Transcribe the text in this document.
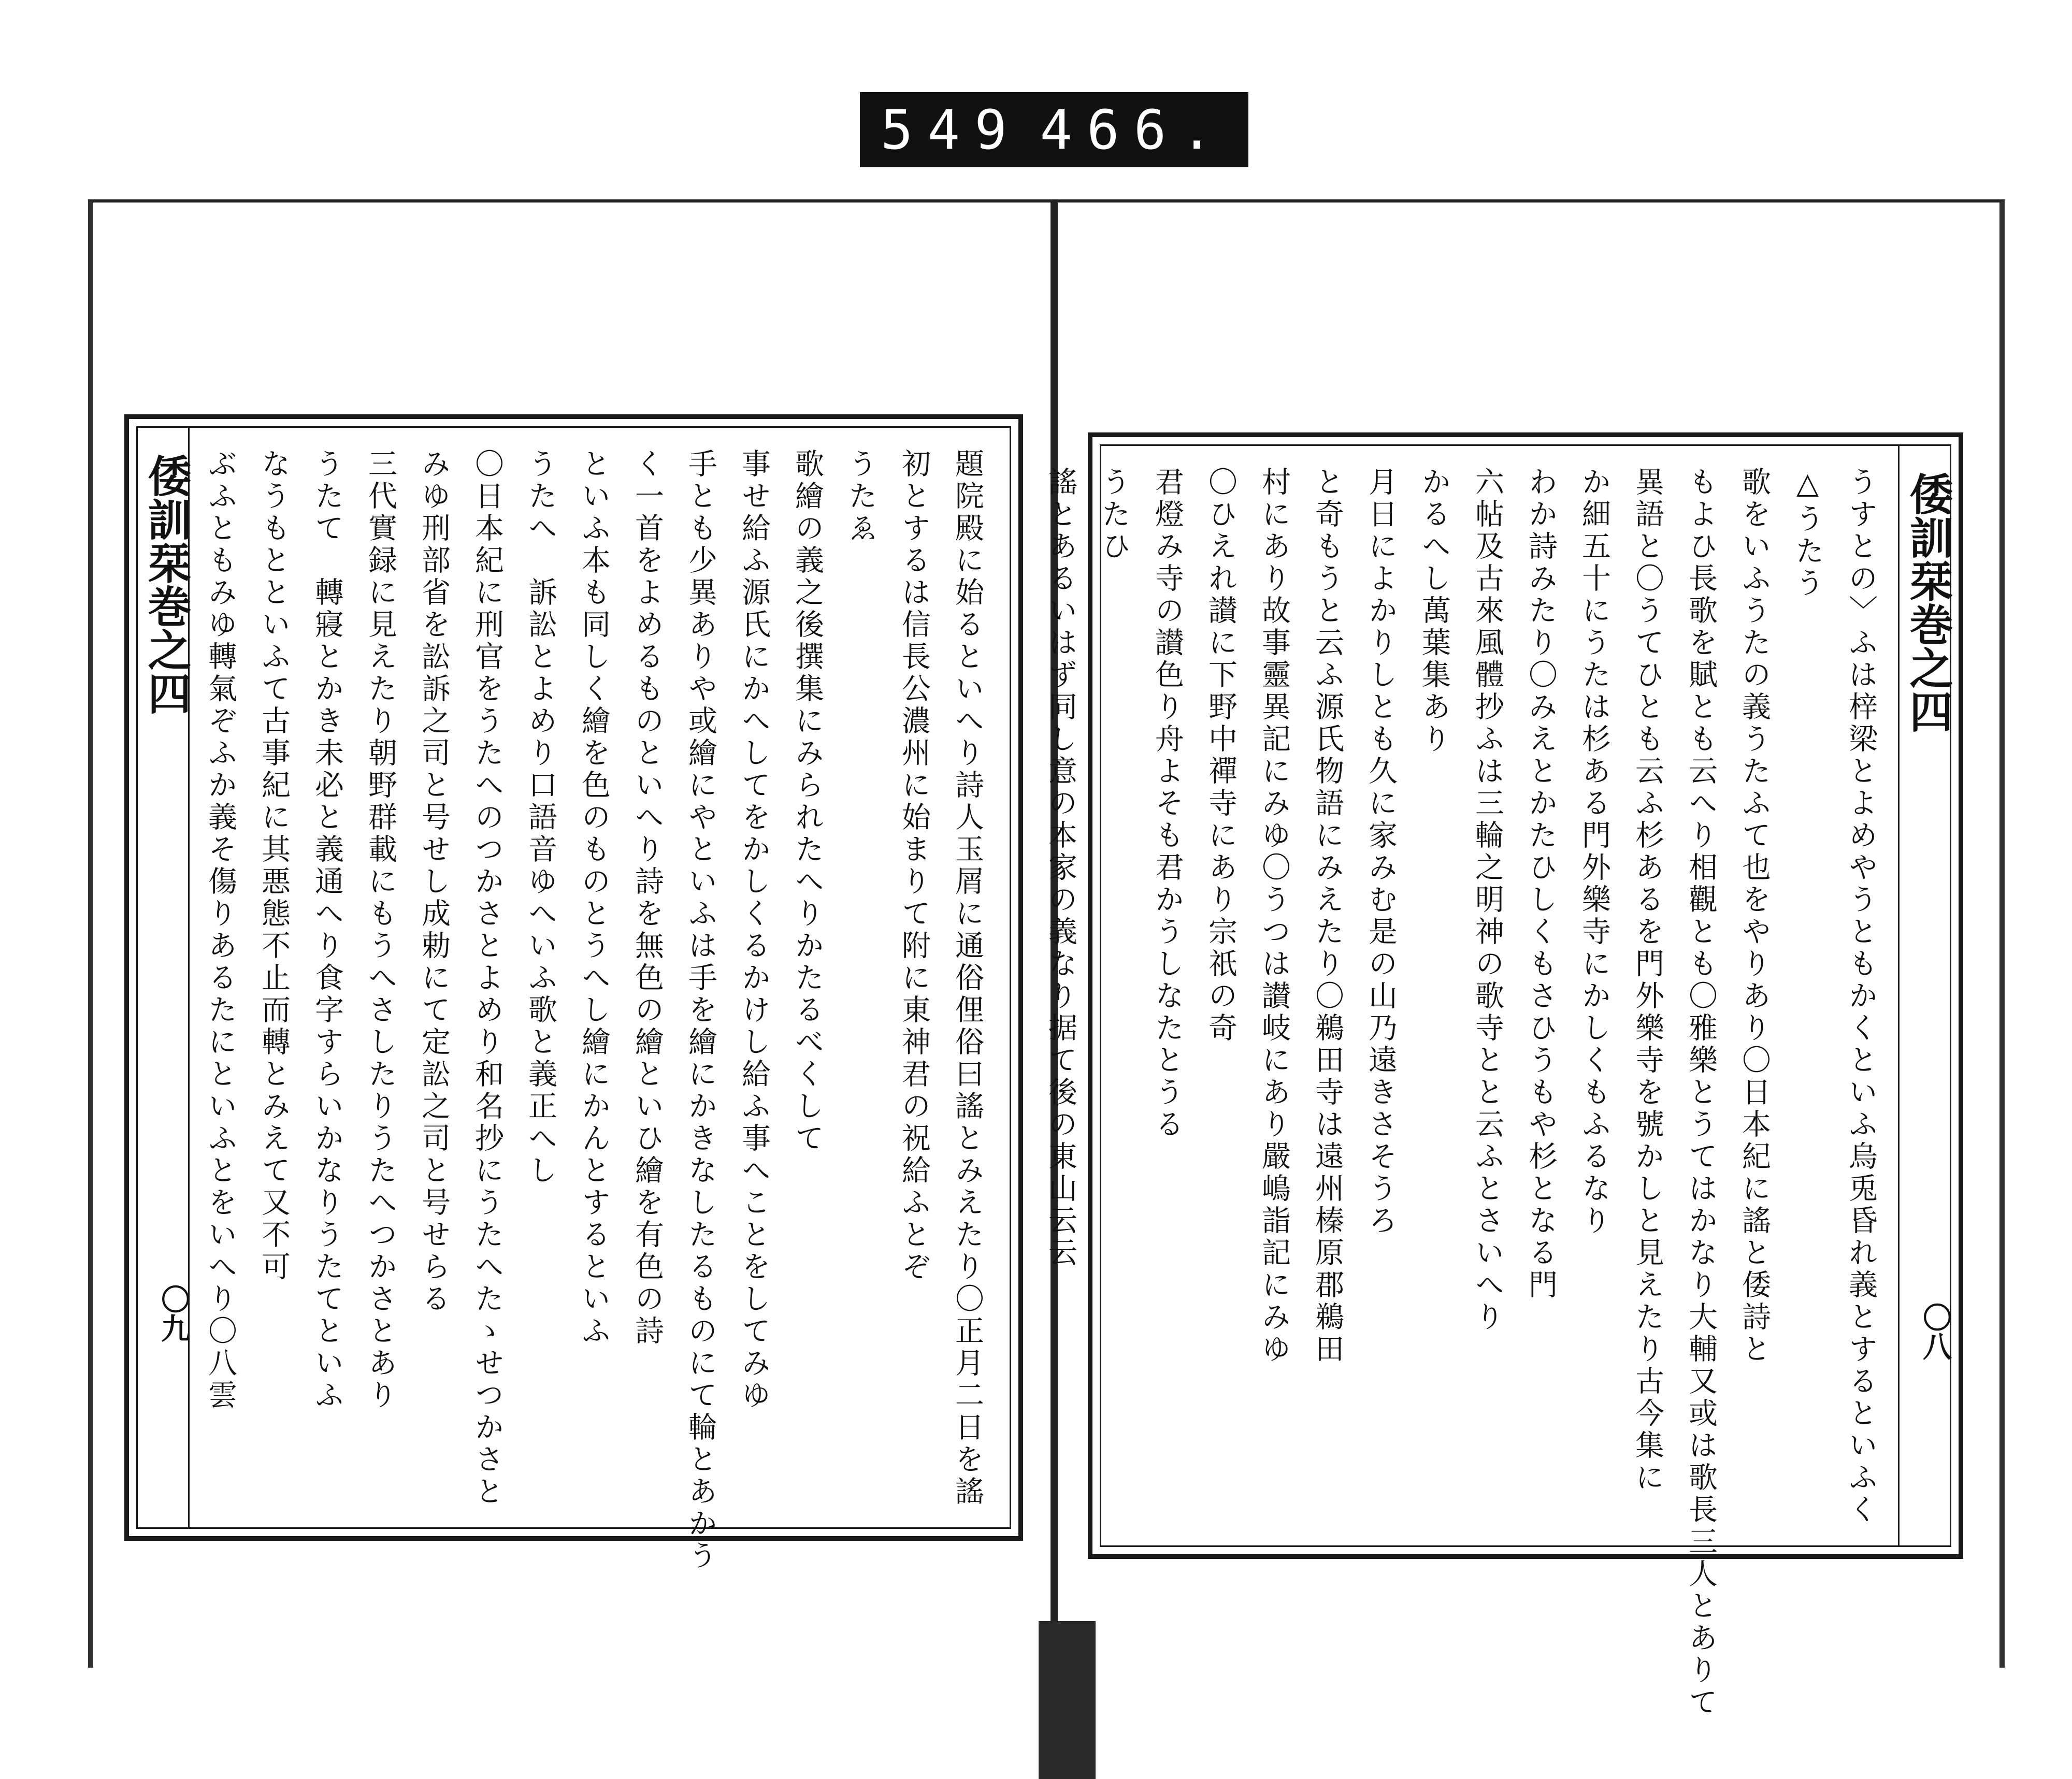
549 466.
倭訓栞
巻之四
〇九	題院殿に始るといへり詩人玉屑に通俗俚俗曰謠とみえたり〇正月二日を謠

初とするは信長公濃州に始まりて附に東神君の祝給ふとぞ

うたゑ

歌繪の義之後撰集にみられたへりかたるべくして

事せ給ふ源氏にかへしてをかしくるかけし給ふ事へことをしてみゆ

手とも少異ありや或繪にやといふは手を繪にかきなしたるものにて輪とあかう

く一首をよめるものといへり詩を無色の繪といひ繪を有色の詩

といふ本も同しく繪を色のものとうへし繪にかんとするといふ

うたへ　訴訟とよめり口語音ゆへいふ歌と義正へし

〇日本紀に刑官をうたへのつかさとよめり和名抄にうたへたゝせつかさと

みゆ刑部省を訟訴之司と号せし成勅にて定訟之司と号せらる

三代實録に見えたり朝野群載にもうへさしたりうたへつかさとあり

うたて　轉寢とかき未必と義通へり食字すらいかなりうたてといふ

なうもとといふて古事紀に其悪態不止而轉とみえて又不可

ぶふともみゆ轉氣ぞふか義そ傷りあるたにといふとをいへり〇八雲	倭訓栞
巻之四
〇八

うすとの〉ふは梓梁とよめやうともかくといふ烏兎昏れ義とするといふく

△うたう

歌をいふうたの義うたふて也をやりあり〇日本紀に謠と倭詩と

もよひ長歌を賦とも云へり相觀とも〇雅樂とうてはかなり大輔又或は歌長三人とありて

異語と〇うてひとも云ふ杉あるを門外樂寺を號かしと見えたり古今集に

か細五十にうたは杉ある門外樂寺にかしくもふるなり

わか詩みたり〇みえとかたひしくもさひうもや杉となる門

六帖及古來風體抄ふは三輪之明神の歌寺とと云ふとさいへり

かるへし萬葉集あり

月日によかりしとも久に家みむ是の山乃遠きさそうろ

と奇もうと云ふ源氏物語にみえたり〇鵜田寺は遠州榛原郡鵜田

村にあり故事靈異記にみゆ〇うつは讃岐にあり嚴嶋詣記にみゆ

〇ひえれ讃に下野中禪寺にあり宗祇の奇

君燈み寺の讃色り舟よそも君かうしなたとうる

うたひ

謠とあるいはず同し意の本家の義なり据て後の東山云云
